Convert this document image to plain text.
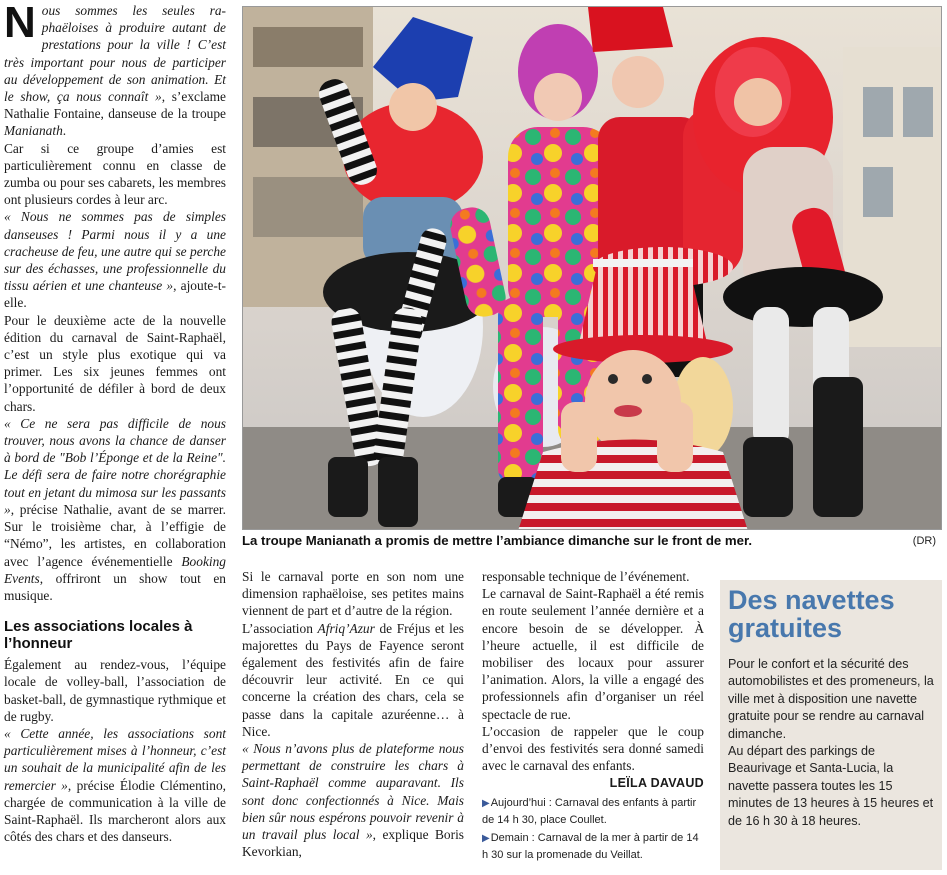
Nous sommes les seules ra-phaëloises à produire autant de prestations pour la ville ! C’est très important pour nous de participer au développement de son animation. Et le show, ça nous connaît », s’exclame Nathalie Fontaine, danseuse de la troupe Manianath.

Car si ce groupe d’amies est particulièrement connu en classe de zumba ou pour ses cabarets, les membres ont plusieurs cordes à leur arc.

« Nous ne sommes pas de simples danseuses ! Parmi nous il y a une cracheuse de feu, une autre qui se perche sur des échasses, une professionnelle du tissu aérien et une chanteuse », ajoute-t-elle.

Pour le deuxième acte de la nouvelle édition du carnaval de Saint-Raphaël, c’est un style plus exotique qui va primer. Les six jeunes femmes ont l’opportunité de défiler à bord de deux chars.

« Ce ne sera pas difficile de nous trouver, nous avons la chance de danser à bord de "Bob l’Éponge et de la Reine". Le défi sera de faire notre chorégraphie tout en jetant du mimosa sur les passants », précise Nathalie, avant de se marrer. Sur le troisième char, à l’effigie de “Némo”, les artistes, en collaboration avec l’agence événementielle Booking Events, offriront un show tout en musique.

Les associations locales à l’honneur

Également au rendez-vous, l’équipe locale de volley-ball, l’association de basket-ball, de gymnastique rythmique et de rugby.

« Cette année, les associations sont particulièrement mises à l’honneur, c’est un souhait de la municipalité afin de les remercier », précise Élodie Clémentino, chargée de communication à la ville de Saint-Raphaël. Ils marcheront alors aux côtés des chars et des danseurs.

La troupe Manianath a promis de mettre l’ambiance dimanche sur le front de mer.	(DR)

Si le carnaval porte en son nom une dimension raphaëloise, ses petites mains viennent de part et d’autre de la région.

L’association Afriq’Azur de Fréjus et les majorettes du Pays de Fayence seront également des festivités afin de faire découvrir leur activité. En ce qui concerne la création des chars, cela se passe dans la capitale azuréenne… à Nice.

« Nous n’avons plus de plateforme nous permettant de construire les chars à Saint-Raphaël comme auparavant. Ils sont donc confectionnés à Nice. Mais bien sûr nous espérons pouvoir revenir à un travail plus local », explique Boris Kevorkian,

responsable technique de l’événement.

Le carnaval de Saint-Raphaël a été remis en route seulement l’année dernière et a encore besoin de se développer. À l’heure actuelle, il est difficile de mobiliser des locaux pour assurer l’animation. Alors, la ville a engagé des professionnels afin d’organiser un réel spectacle de rue.

L’occasion de rappeler que le coup d’envoi des festivités sera donné samedi avec le carnaval des enfants.

LEÏLA DAVAUD
▶Aujourd’hui : Carnaval des enfants à partir de 14 h 30, place Coullet.
▶Demain : Carnaval de la mer à partir de 14 h 30 sur la promenade du Veillat.
Des navettes gratuites

Pour le confort et la sécurité des automobilistes et des promeneurs, la ville met à disposition une navette gratuite pour se rendre au carnaval dimanche.

Au départ des parkings de Beaurivage et Santa-Lucia, la navette passera toutes les 15 minutes de 13 heures à 15 heures et de 16 h 30 à 18 heures.
